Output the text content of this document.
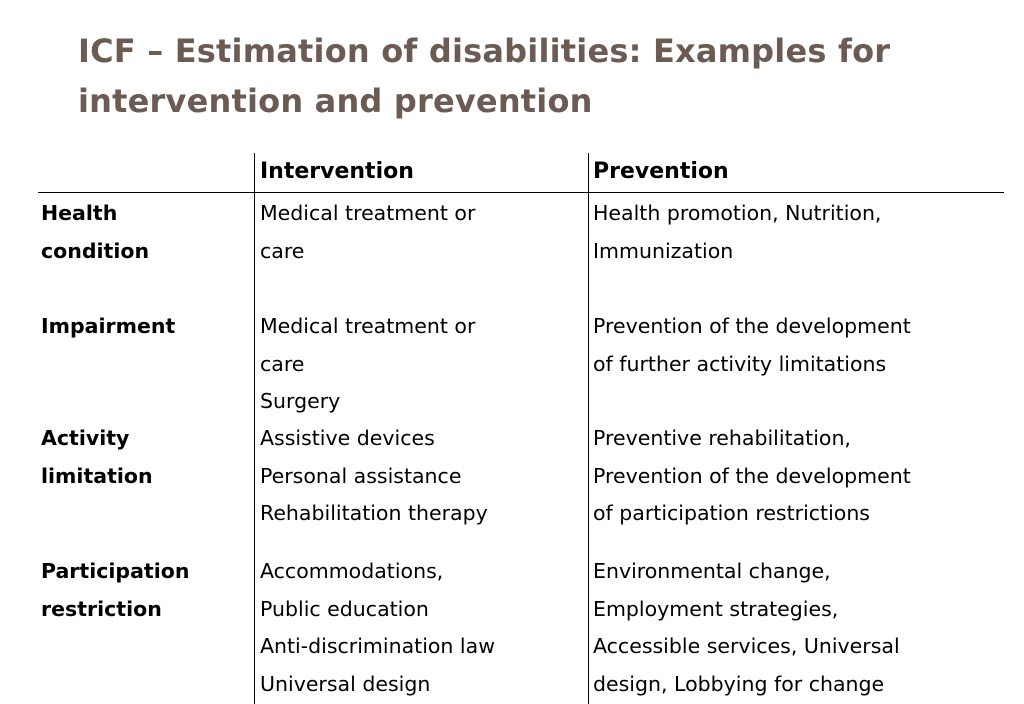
ICF – Estimation of disabilities: Examples for
intervention and prevention
Intervention	Prevention
Health
condition
Medical treatment or
care
Health promotion, Nutrition,
Immunization
Impairment	Medical treatment or
care
Surgery
Prevention of the development
of further activity limitations
Activity
limitation
Assistive devices
Personal assistance
Rehabilitation therapy
Preventive rehabilitation,
Prevention of the development
of participation restrictions
Participation
restriction
Accommodations,
Public education
Anti-discrimination law
Universal design
Environmental change,
Employment strategies,
Accessible services, Universal
design, Lobbying for change
